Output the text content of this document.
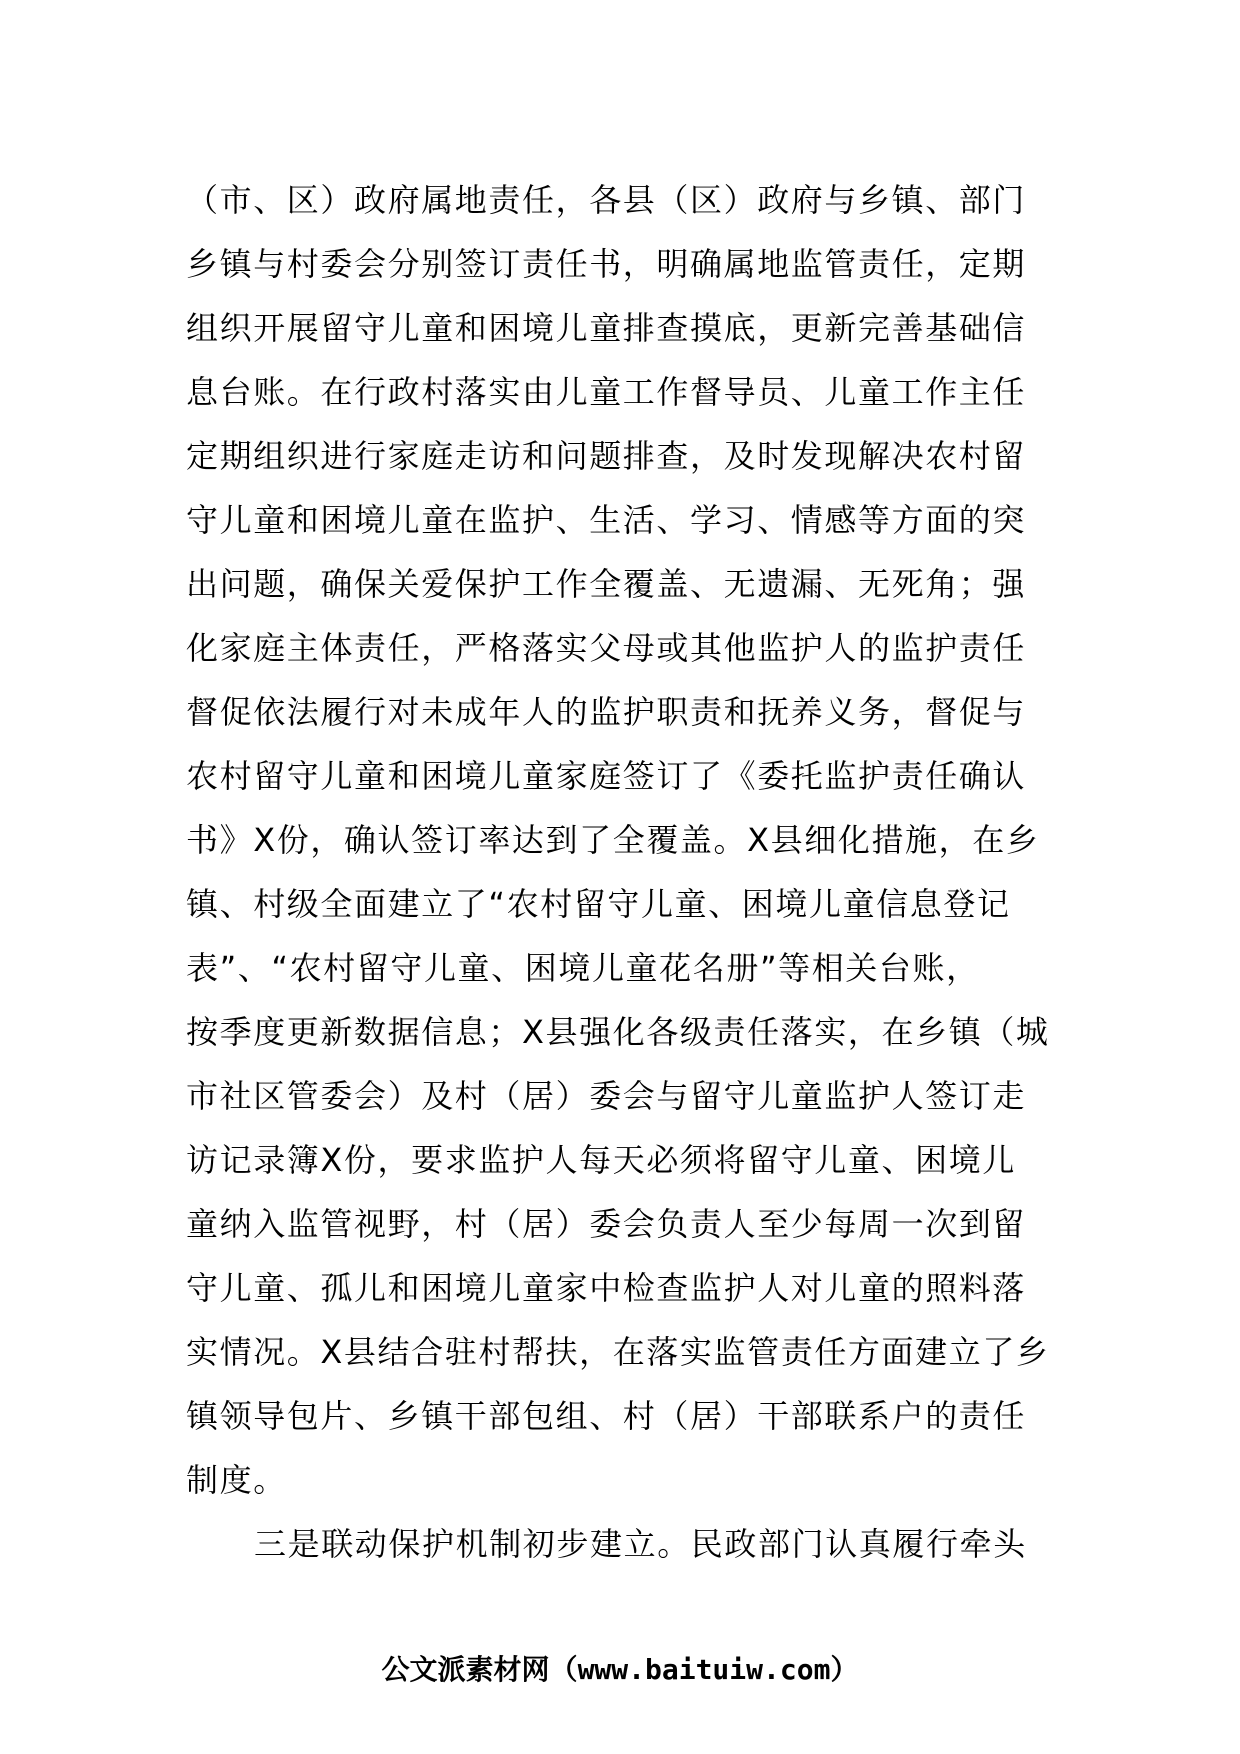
（市、区）政府属地责任，各县（区）政府与乡镇、部门
乡镇与村委会分别签订责任书，明确属地监管责任，定期
组织开展留守儿童和困境儿童排查摸底，更新完善基础信
息台账。在行政村落实由儿童工作督导员、儿童工作主任
定期组织进行家庭走访和问题排查，及时发现解决农村留
守儿童和困境儿童在监护、生活、学习、情感等方面的突
出问题，确保关爱保护工作全覆盖、无遗漏、无死角；强
化家庭主体责任，严格落实父母或其他监护人的监护责任
督促依法履行对未成年人的监护职责和抚养义务，督促与
农村留守儿童和困境儿童家庭签订了《委托监护责任确认
书》X份，确认签订率达到了全覆盖。X县细化措施，在乡
镇、村级全面建立了“农村留守儿童、困境儿童信息登记
表”、“农村留守儿童、困境儿童花名册”等相关台账，
按季度更新数据信息；X县强化各级责任落实，在乡镇（城
市社区管委会）及村（居）委会与留守儿童监护人签订走
访记录簿X份，要求监护人每天必须将留守儿童、困境儿
童纳入监管视野，村（居）委会负责人至少每周一次到留
守儿童、孤儿和困境儿童家中检查监护人对儿童的照料落
实情况。X县结合驻村帮扶，在落实监管责任方面建立了乡
镇领导包片、乡镇干部包组、村（居）干部联系户的责任
制度。
三是联动保护机制初步建立。民政部门认真履行牵头
公文派素材网（www.baituiw.com）
